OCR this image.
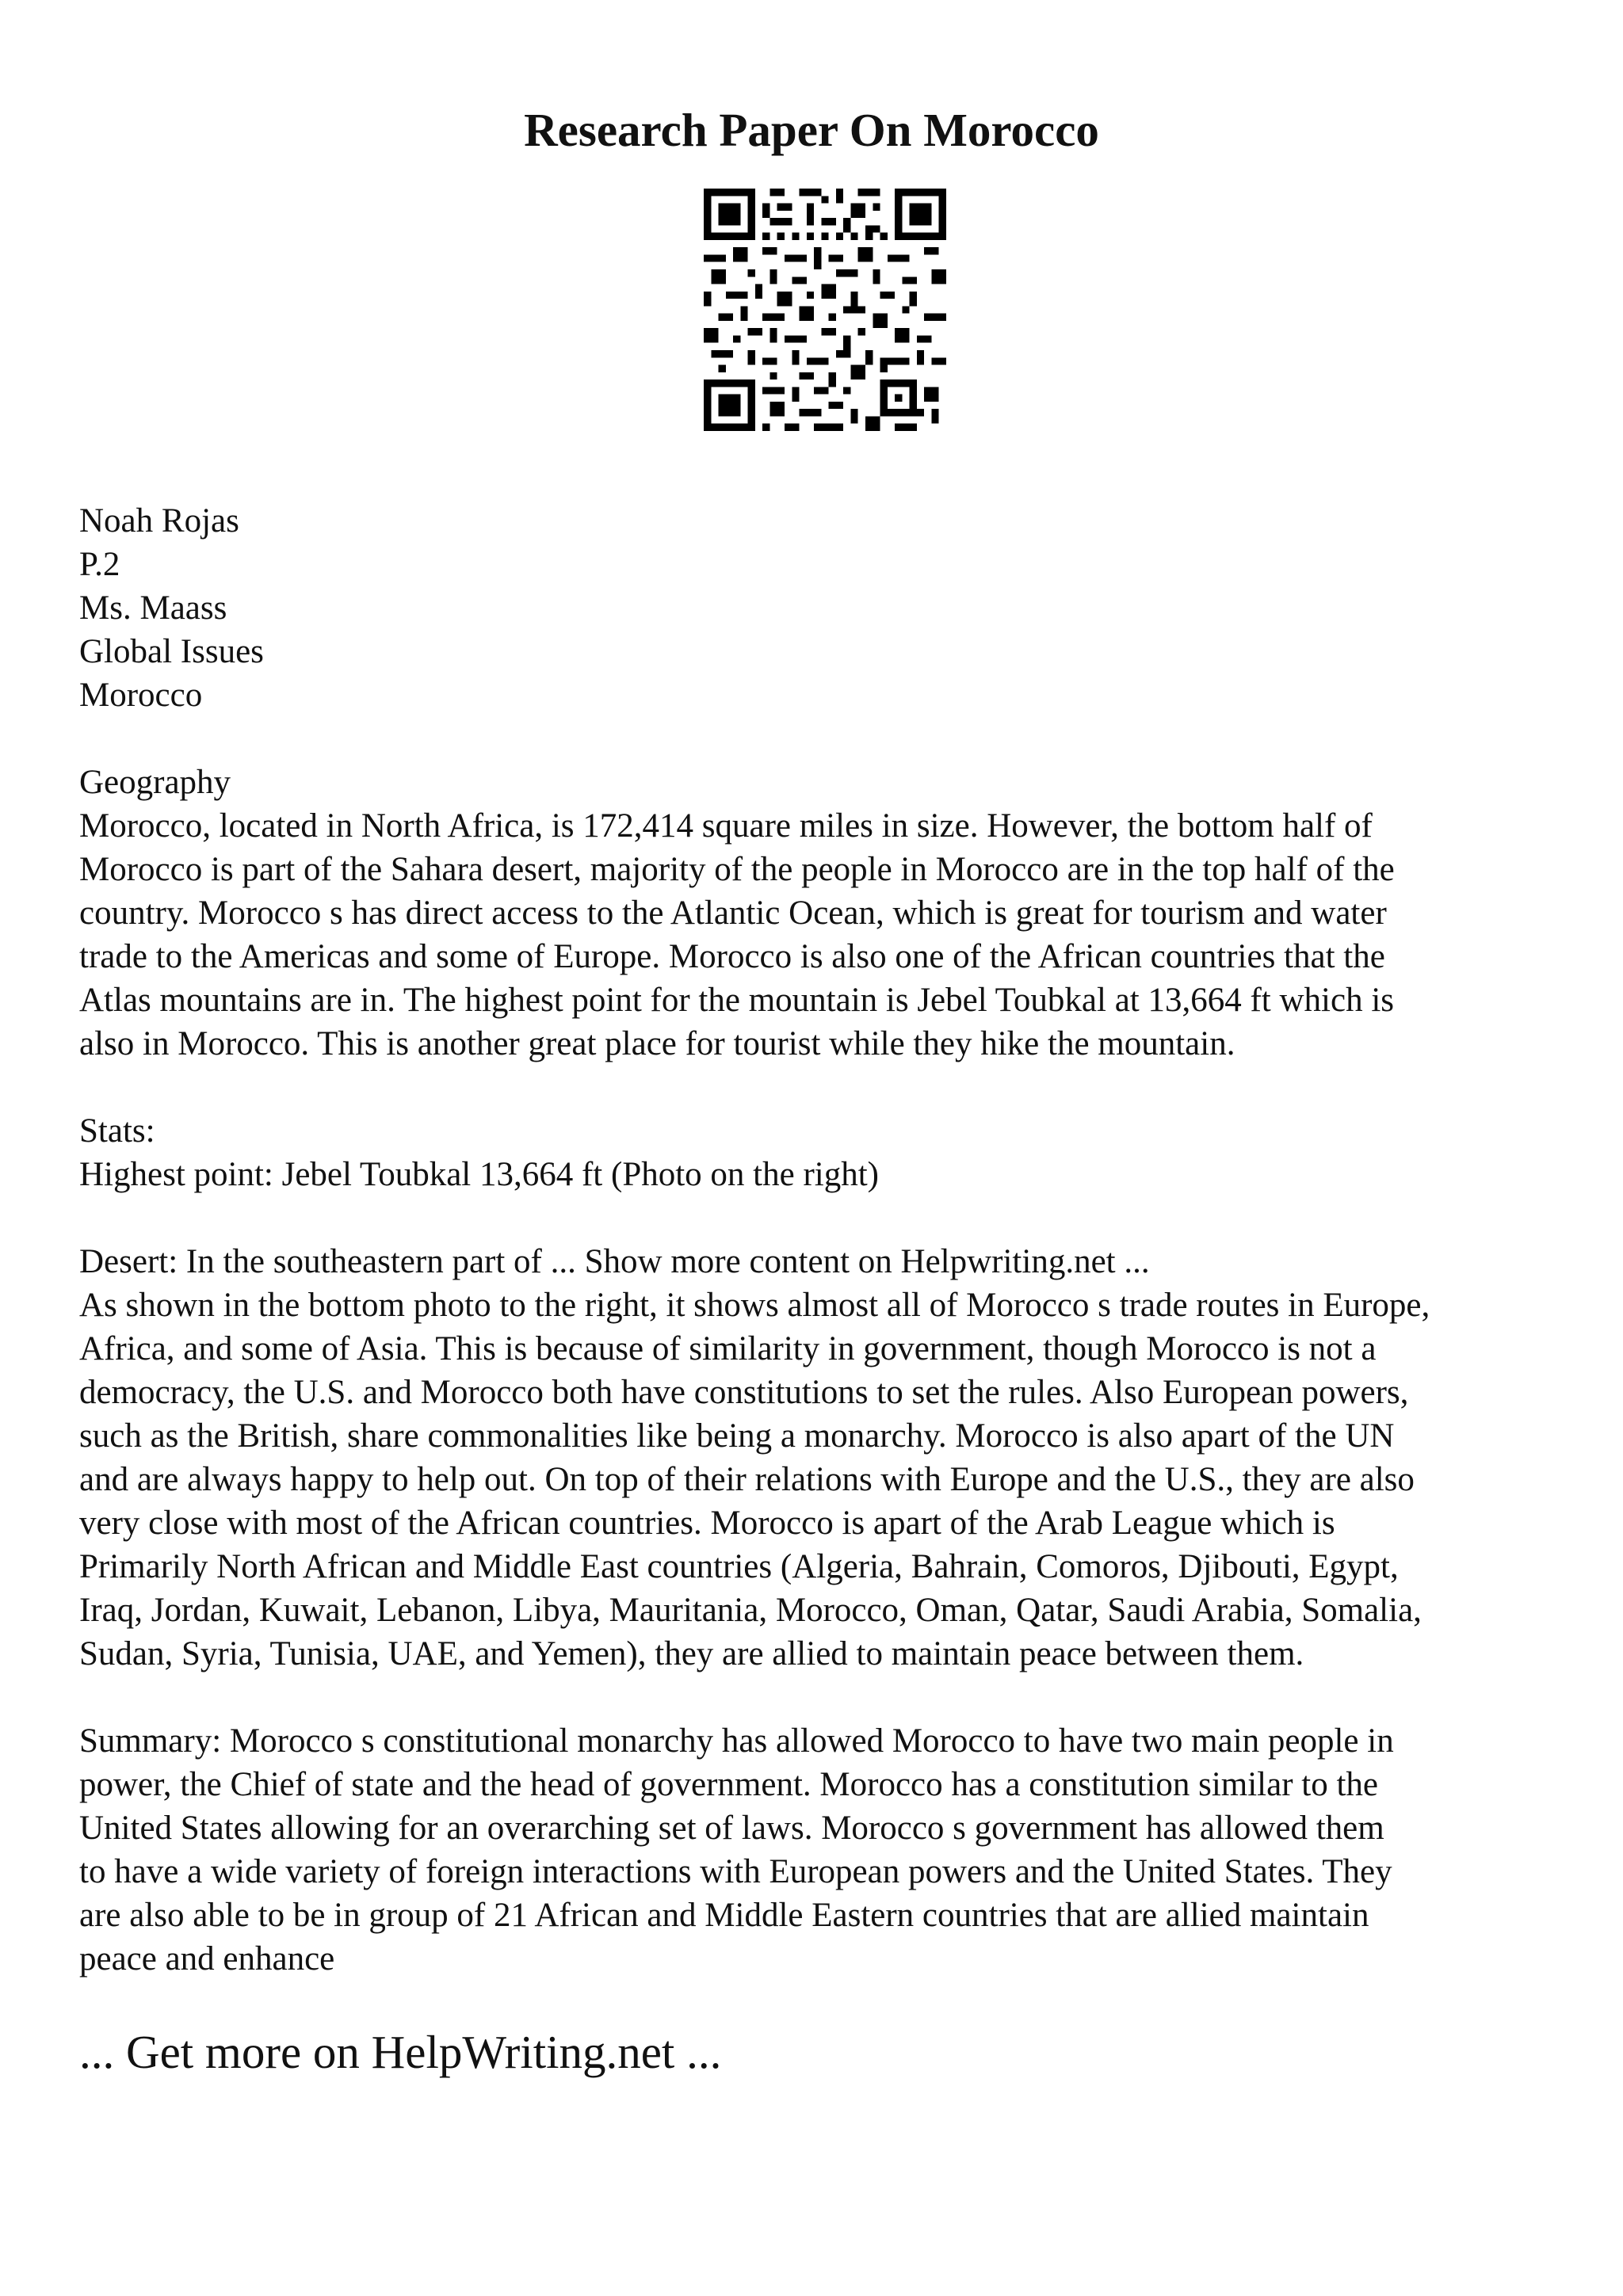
Research Paper On Morocco
Noah Rojas
P.2
Ms. Maass
Global Issues
Morocco
Geography
Morocco, located in North Africa, is 172,414 square miles in size. However, the bottom half of
Morocco is part of the Sahara desert, majority of the people in Morocco are in the top half of the
country. Morocco s has direct access to the Atlantic Ocean, which is great for tourism and water
trade to the Americas and some of Europe. Morocco is also one of the African countries that the
Atlas mountains are in. The highest point for the mountain is Jebel Toubkal at 13,664 ft which is
also in Morocco. This is another great place for tourist while they hike the mountain.
Stats:
Highest point: Jebel Toubkal 13,664 ft (Photo on the right)
Desert: In the southeastern part of ... Show more content on Helpwriting.net ...
As shown in the bottom photo to the right, it shows almost all of Morocco s trade routes in Europe,
Africa, and some of Asia. This is because of similarity in government, though Morocco is not a
democracy, the U.S. and Morocco both have constitutions to set the rules. Also European powers,
such as the British, share commonalities like being a monarchy. Morocco is also apart of the UN
and are always happy to help out. On top of their relations with Europe and the U.S., they are also
very close with most of the African countries. Morocco is apart of the Arab League which is
Primarily North African and Middle East countries (Algeria, Bahrain, Comoros, Djibouti, Egypt,
Iraq, Jordan, Kuwait, Lebanon, Libya, Mauritania, Morocco, Oman, Qatar, Saudi Arabia, Somalia,
Sudan, Syria, Tunisia, UAE, and Yemen), they are allied to maintain peace between them.
Summary: Morocco s constitutional monarchy has allowed Morocco to have two main people in
power, the Chief of state and the head of government. Morocco has a constitution similar to the
United States allowing for an overarching set of laws. Morocco s government has allowed them
to have a wide variety of foreign interactions with European powers and the United States. They
are also able to be in group of 21 African and Middle Eastern countries that are allied maintain
peace and enhance
... Get more on HelpWriting.net ...
